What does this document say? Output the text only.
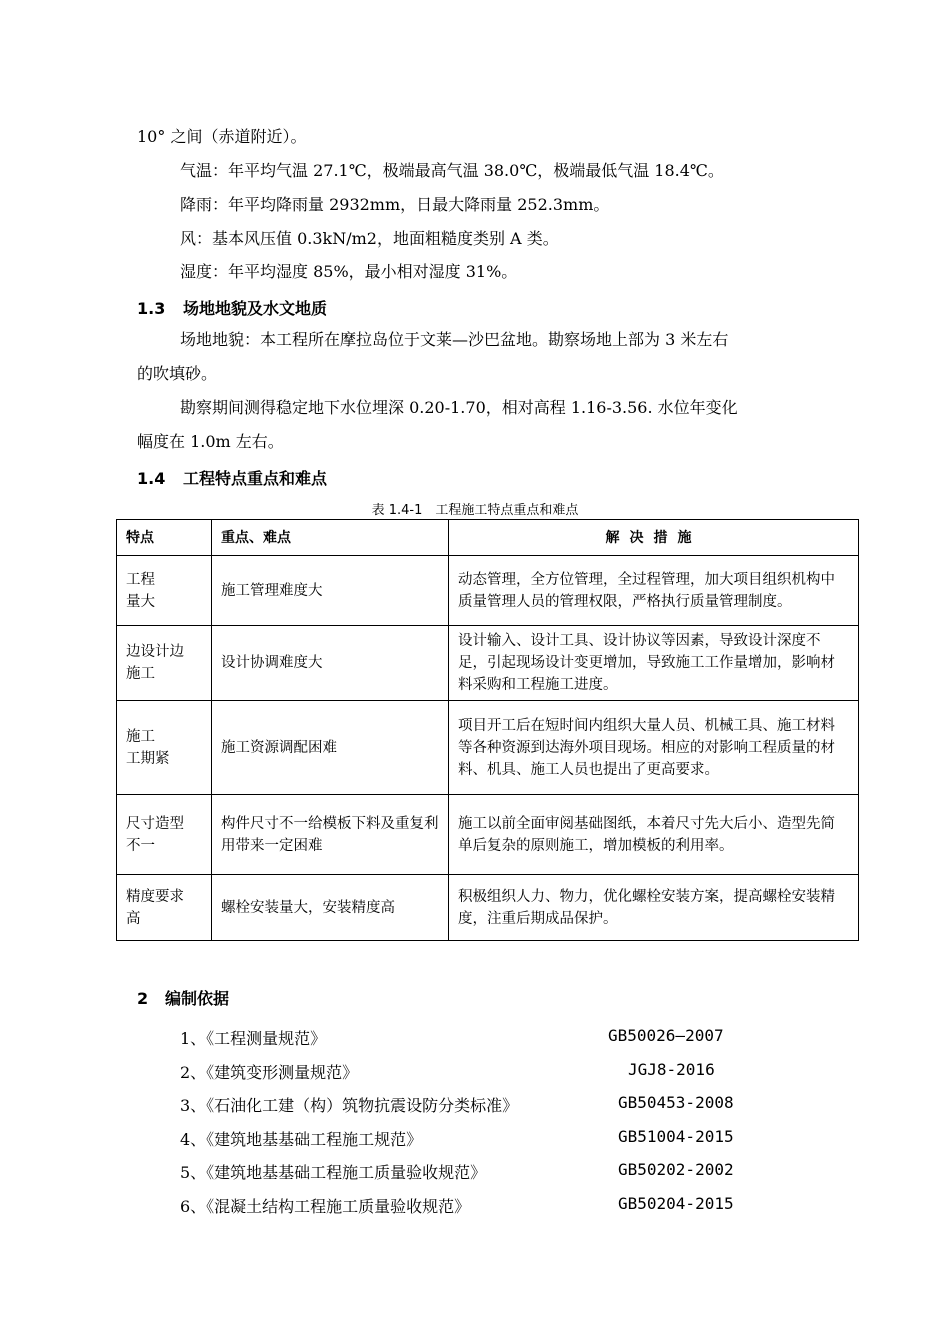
10° 之间（赤道附近）。
气温：年平均气温 27.1℃，极端最高气温 38.0℃，极端最低气温 18.4℃。
降雨：年平均降雨量 2932mm，日最大降雨量 252.3mm。
风：基本风压值 0.3kN/m2，地面粗糙度类别 A 类。
湿度：年平均湿度 85%，最小相对湿度 31%。
1.3 场地地貌及水文地质
场地地貌：本工程所在摩拉岛位于文莱—沙巴盆地。勘察场地上部为 3 米左右
的吹填砂。
勘察期间测得稳定地下水位埋深 0.20-1.70，相对高程 1.16-3.56. 水位年变化
幅度在 1.0m 左右。
1.4 工程特点重点和难点
表 1.4-1　工程施工特点重点和难点
特点	重点、难点	解决措施
工程
量大	施工管理难度大	动态管理，全方位管理，全过程管理，加大项目组织机构中质量管理人员的管理权限，严格执行质量管理制度。
边设计边
施工	设计协调难度大	设计输入、设计工具、设计协议等因素，导致设计深度不足，引起现场设计变更增加，导致施工工作量增加，影响材料采购和工程施工进度。
施工
工期紧	施工资源调配困难	项目开工后在短时间内组织大量人员、机械工具、施工材料等各种资源到达海外项目现场。相应的对影响工程质量的材料、机具、施工人员也提出了更高要求。
尺寸造型
不一	构件尺寸不一给模板下料及重复利用带来一定困难	施工以前全面审阅基础图纸，本着尺寸先大后小、造型先简单后复杂的原则施工，增加模板的利用率。
精度要求
高	螺栓安装量大，安装精度高	积极组织人力、物力，优化螺栓安装方案，提高螺栓安装精度，注重后期成品保护。
2 编制依据
1、《工程测量规范》	GB50026—2007
2、《建筑变形测量规范》	JGJ8-2016
3、《石油化工建（构）筑物抗震设防分类标准》	GB50453-2008
4、《建筑地基基础工程施工规范》	GB51004-2015
5、《建筑地基基础工程施工质量验收规范》	GB50202-2002
6、《混凝土结构工程施工质量验收规范》	GB50204-2015
